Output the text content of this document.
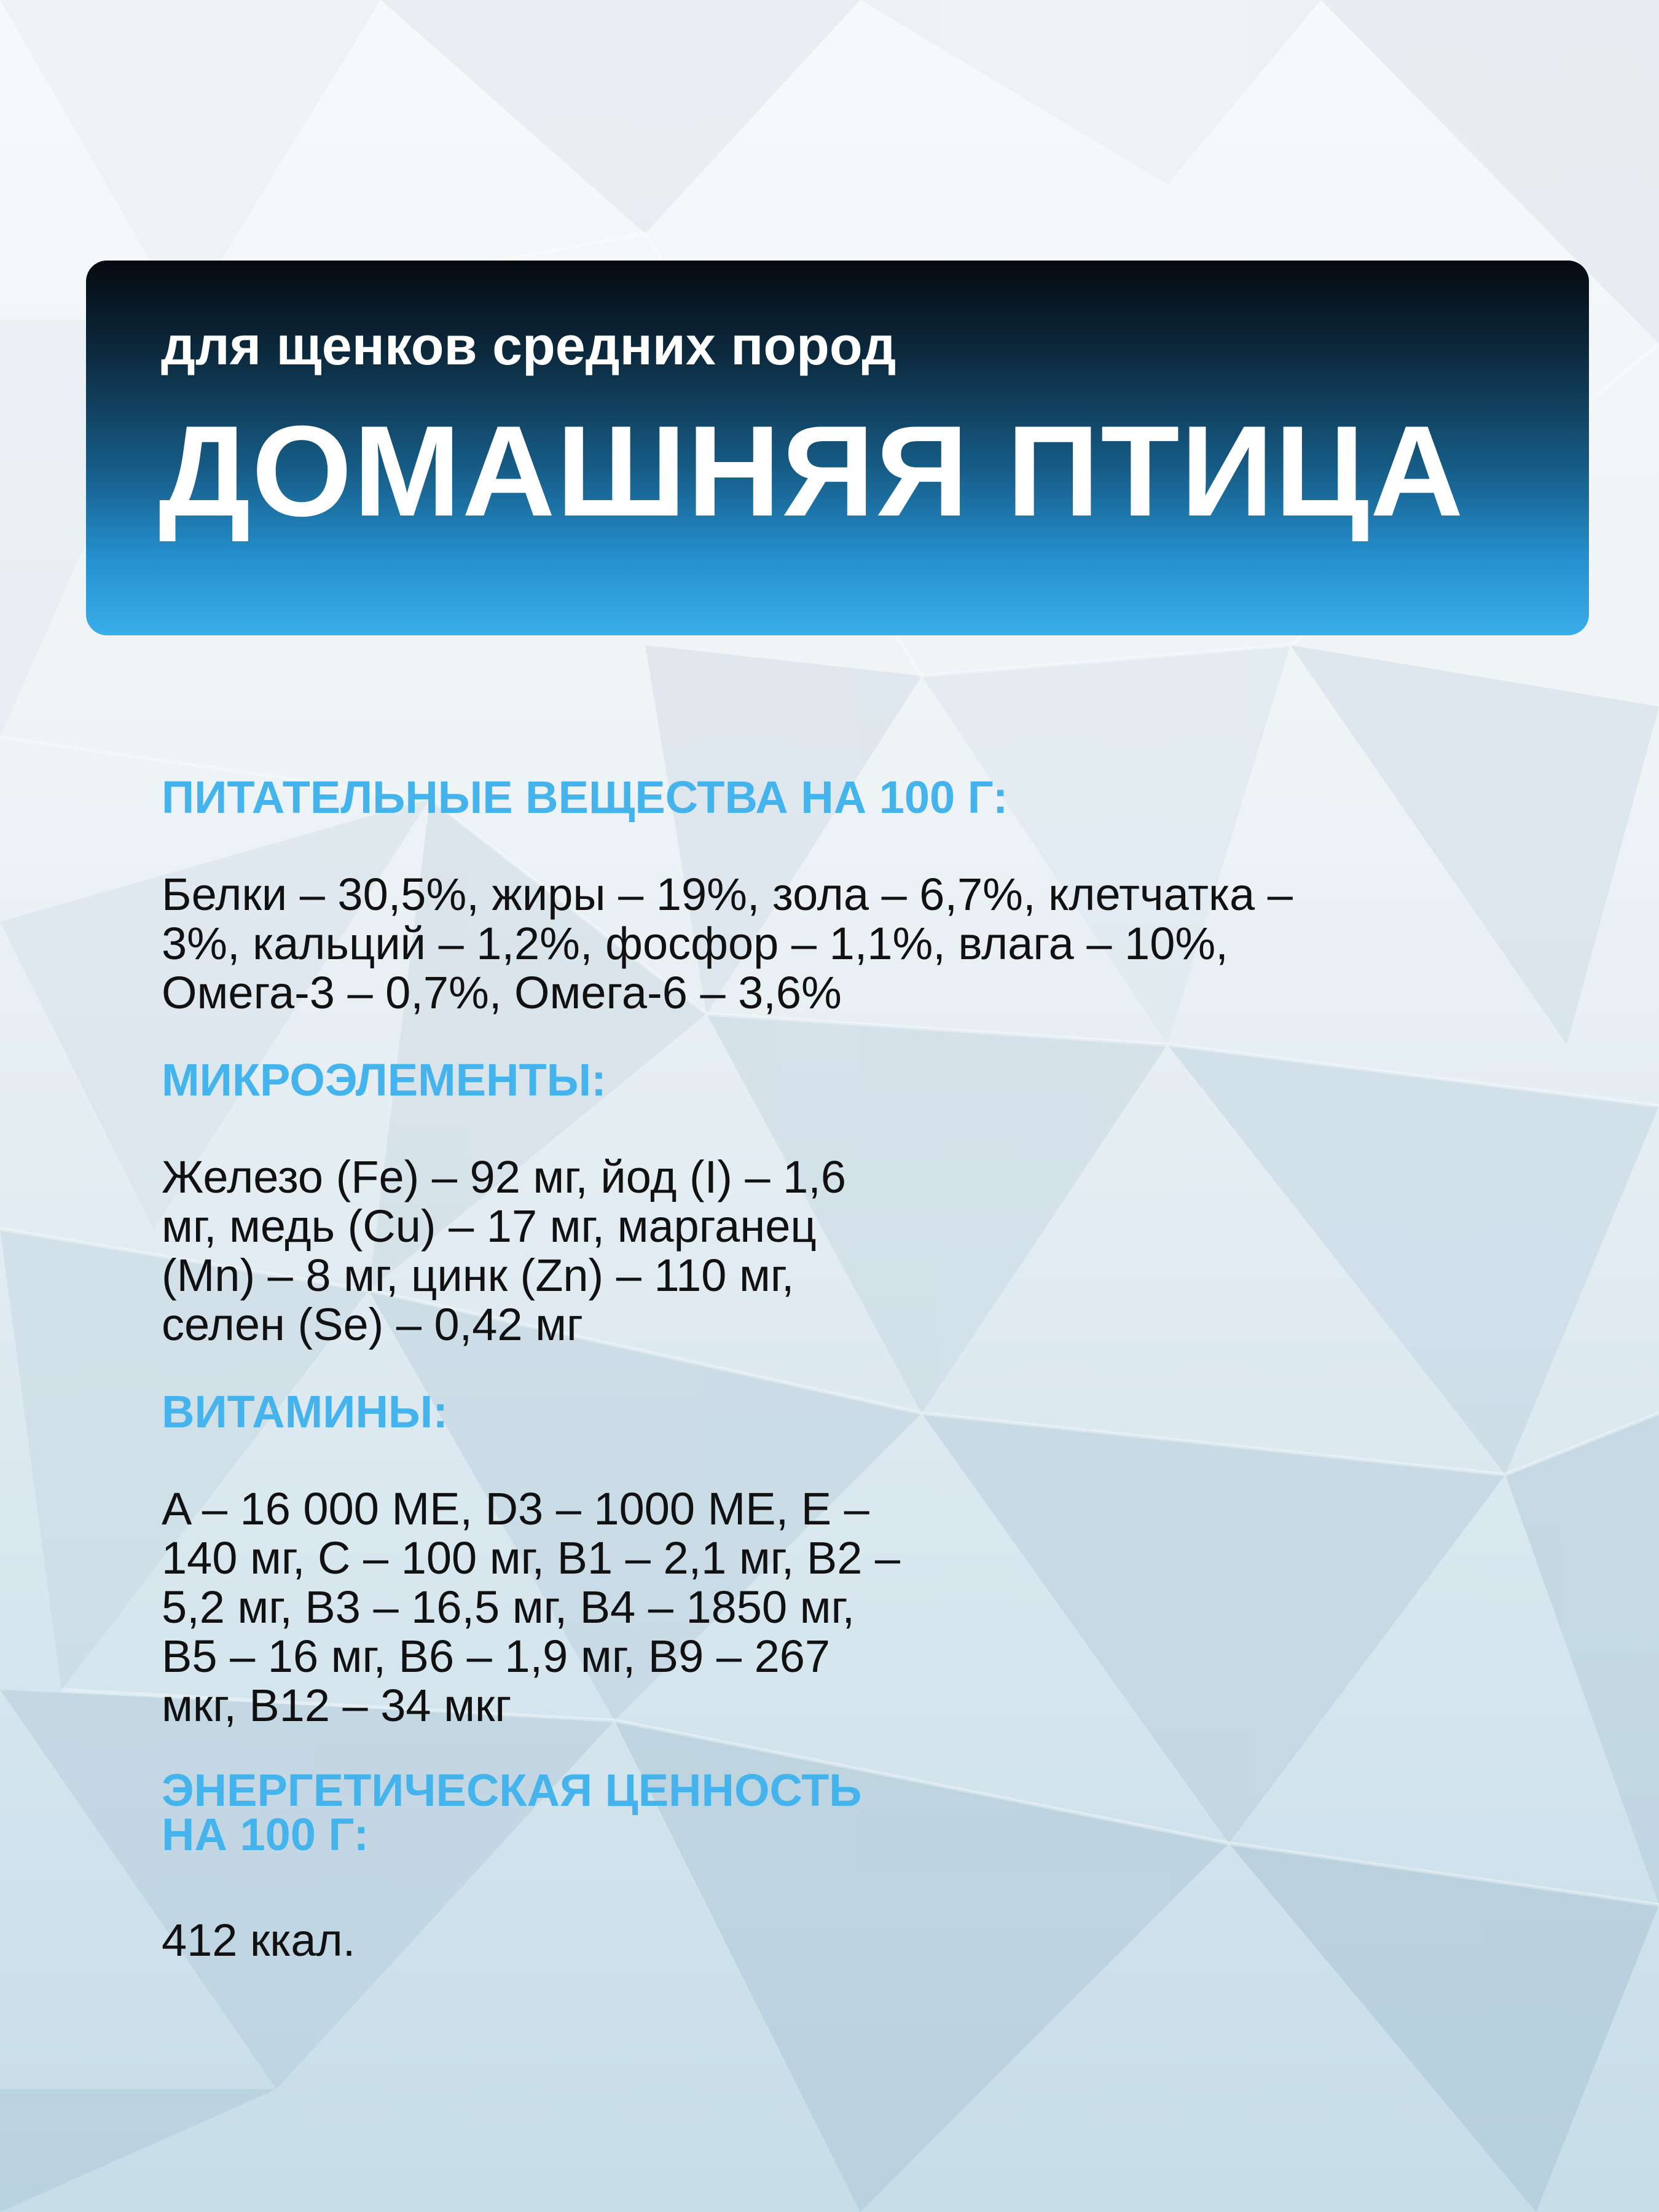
для щенков средних пород
ДОМАШНЯЯ ПТИЦА
ПИТАТЕЛЬНЫЕ ВЕЩЕСТВА НА 100 Г:
Белки – 30,5%, жиры – 19%, зола – 6,7%, клетчатка –
3%, кальций – 1,2%, фосфор – 1,1%, влага – 10%,
Омега-3 – 0,7%, Омега-6 – 3,6%
МИКРОЭЛЕМЕНТЫ:
Железо (Fe) – 92 мг, йод (I) – 1,6
мг, медь (Cu) – 17 мг, марганец
(Mn) – 8 мг, цинк (Zn) – 110 мг,
селен (Se) – 0,42 мг
ВИТАМИНЫ:
A – 16 000 МЕ, D3 – 1000 МЕ, E –
140 мг, C – 100 мг, B1 – 2,1 мг, B2 –
5,2 мг, B3 – 16,5 мг, B4 – 1850 мг,
B5 – 16 мг, B6 – 1,9 мг, B9 – 267
мкг, B12 – 34 мкг
ЭНЕРГЕТИЧЕСКАЯ ЦЕННОСТЬ
НА 100 Г:
412 ккал.
